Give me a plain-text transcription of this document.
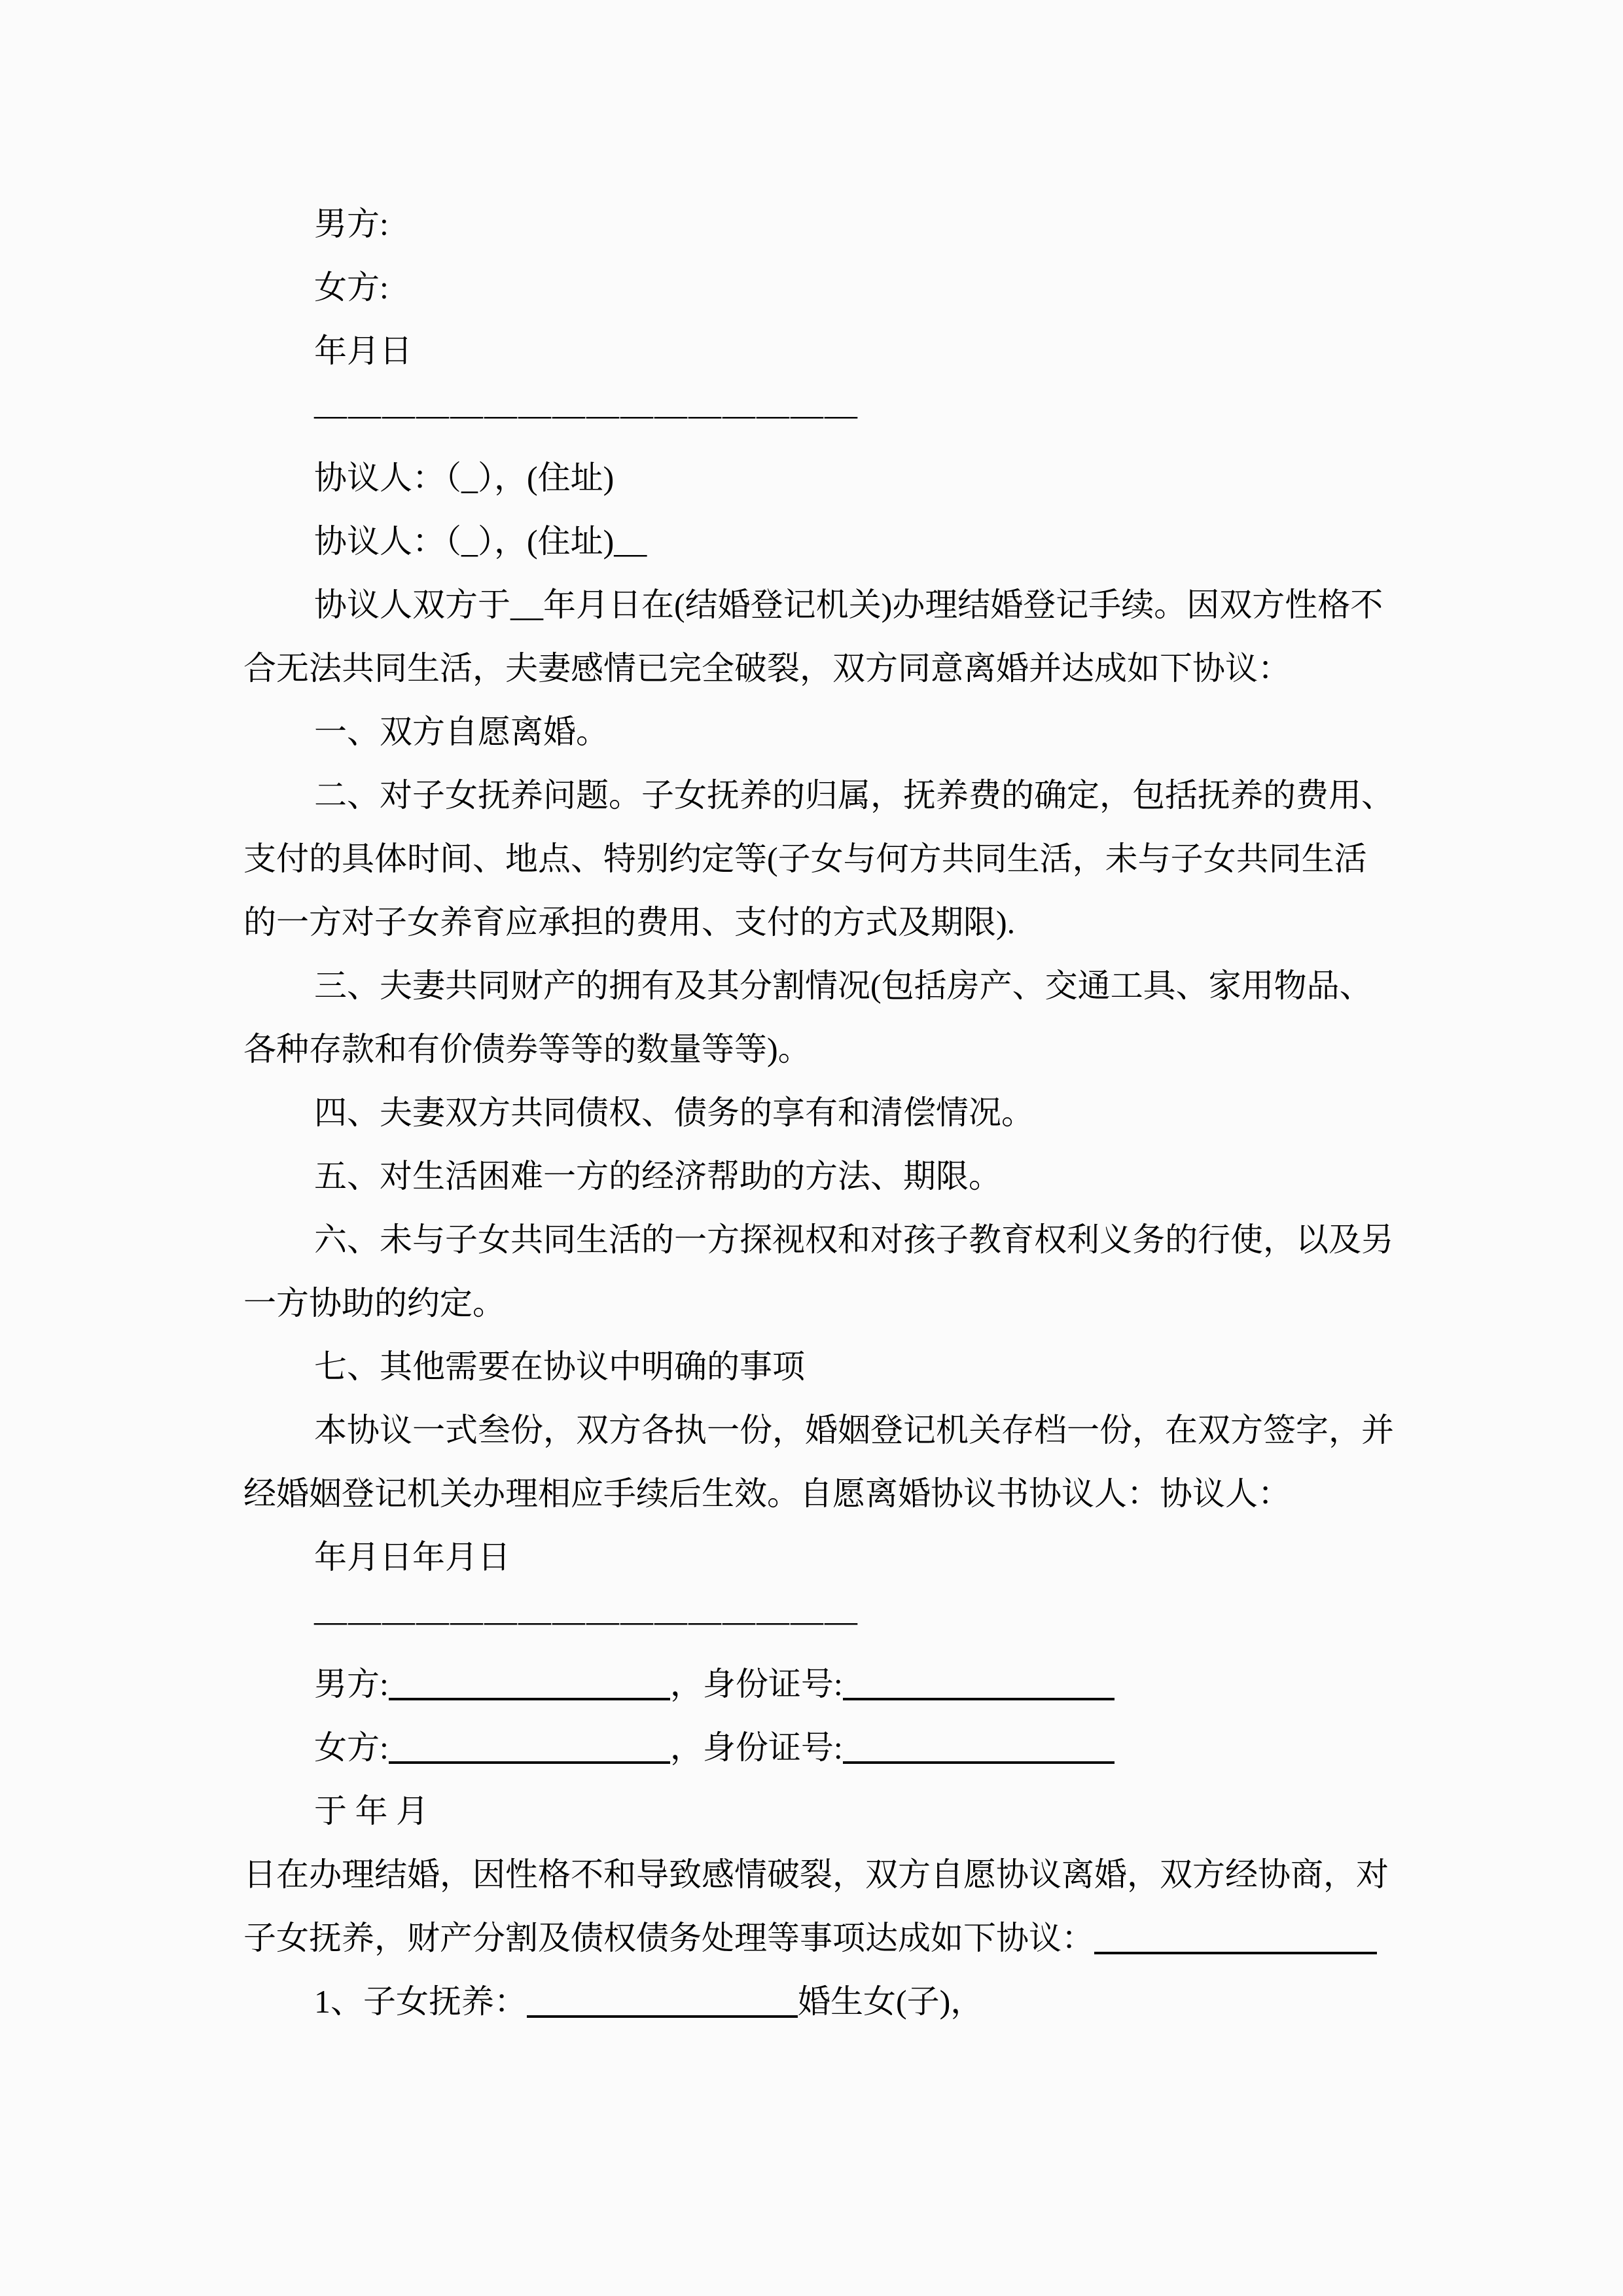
男方:
女方:
年月日
————————————————
协议人：（_），(住址)
协议人：（_），(住址)__
协议人双方于__年月日在(结婚登记机关)办理结婚登记手续。因双方性格不
合无法共同生活，夫妻感情已完全破裂，双方同意离婚并达成如下协议：
一、双方自愿离婚。
二、对子女抚养问题。子女抚养的归属，抚养费的确定，包括抚养的费用、
支付的具体时间、地点、特别约定等(子女与何方共同生活，未与子女共同生活
的一方对子女养育应承担的费用、支付的方式及期限).
三、夫妻共同财产的拥有及其分割情况(包括房产、交通工具、家用物品、
各种存款和有价债券等等的数量等等)。
四、夫妻双方共同债权、债务的享有和清偿情况。
五、对生活困难一方的经济帮助的方法、期限。
六、未与子女共同生活的一方探视权和对孩子教育权利义务的行使，以及另
一方协助的约定。
七、其他需要在协议中明确的事项
本协议一式叁份，双方各执一份，婚姻登记机关存档一份，在双方签字，并
经婚姻登记机关办理相应手续后生效。自愿离婚协议书协议人：协议人：
年月日年月日
————————————————
男方:	，身份证号:
女方:	，身份证号:
于 年 月
日在办理结婚，因性格不和导致感情破裂，双方自愿协议离婚，双方经协商，对
子女抚养，财产分割及债权债务处理等事项达成如下协议：
1、子女抚养：	婚生女(子)，
